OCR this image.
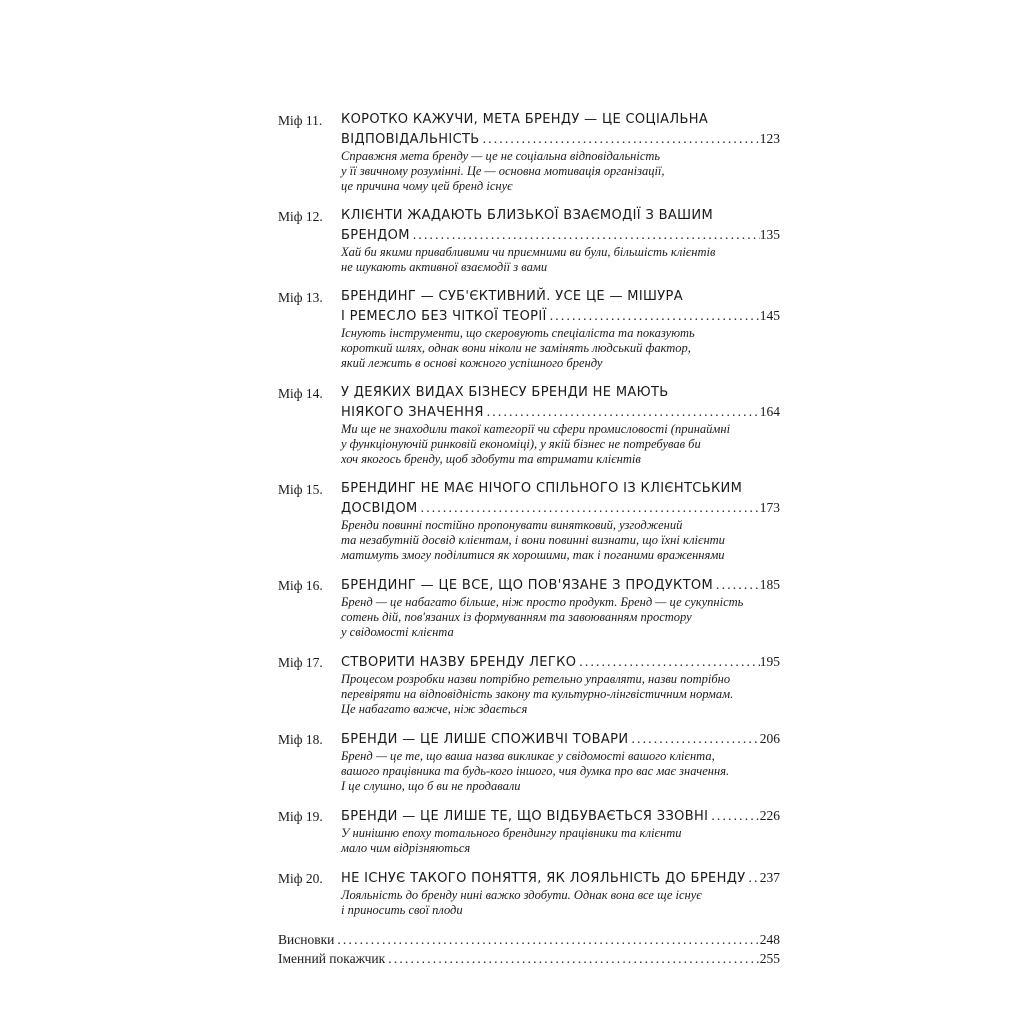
Міф 11.	КОРОТКО КАЖУЧИ, МЕТА БРЕНДУ — ЦЕ СОЦІАЛЬНА
ВІДПОВІДАЛЬНІСТЬ .....	123
Справжня мета бренду — це не соціальна відповідальність
у її звичному розумінні. Це — основна мотивація організації,
це причина чому цей бренд існує
Міф 12.	КЛІЄНТИ ЖАДАЮТЬ БЛИЗЬКОЇ ВЗАЄМОДІЇ З ВАШИМ
БРЕНДОМ .....	135
Хай би якими привабливими чи приємними ви були, більшість клієнтів
не шукають активної взаємодії з вами
Міф 13.	БРЕНДИНГ — СУБ'ЄКТИВНИЙ. УСЕ ЦЕ — МІШУРА
І РЕМЕСЛО БЕЗ ЧІТКОЇ ТЕОРІЇ .....	145
Існують інструменти, що скеровують спеціаліста та показують
короткий шлях, однак вони ніколи не замінять людський фактор,
який лежить в основі кожного успішного бренду
Міф 14.	У ДЕЯКИХ ВИДАХ БІЗНЕСУ БРЕНДИ НЕ МАЮТЬ
НІЯКОГО ЗНАЧЕННЯ .....	164
Ми ще не знаходили такої категорії чи сфери промисловості (принаймні
у функціонуючій ринковій економіці), у якій бізнес не потребував би
хоч якогось бренду, щоб здобути та втримати клієнтів
Міф 15.	БРЕНДИНГ НЕ МАЄ НІЧОГО СПІЛЬНОГО ІЗ КЛІЄНТСЬКИМ
ДОСВІДОМ .....	173
Бренди повинні постійно пропонувати винятковий, узгоджений
та незабутній досвід клієнтам, і вони повинні визнати, що їхні клієнти
матимуть змогу поділитися як хорошими, так і поганими враженнями
Міф 16.	БРЕНДИНГ — ЦЕ ВСЕ, ЩО ПОВ'ЯЗАНЕ З ПРОДУКТОМ .....	185
Бренд — це набагато більше, ніж просто продукт. Бренд — це сукупність
сотень дій, пов'язаних із формуванням та завоюванням простору
у свідомості клієнта
Міф 17.	СТВОРИТИ НАЗВУ БРЕНДУ ЛЕГКО .....	195
Процесом розробки назви потрібно ретельно управляти, назви потрібно
перевіряти на відповідність закону та культурно-лінгвістичним нормам.
Це набагато важче, ніж здається
Міф 18.	БРЕНДИ — ЦЕ ЛИШЕ СПОЖИВЧІ ТОВАРИ .....	206
Бренд — це те, що ваша назва викликає у свідомості вашого клієнта,
вашого працівника та будь-кого іншого, чия думка про вас має значення.
І це слушно, що б ви не продавали
Міф 19.	БРЕНДИ — ЦЕ ЛИШЕ ТЕ, ЩО ВІДБУВАЄТЬСЯ ЗЗОВНІ .....	226
У нинішню епоху тотального брендингу працівники та клієнти
мало чим відрізняються
Міф 20.	НЕ ІСНУЄ ТАКОГО ПОНЯТТЯ, ЯК ЛОЯЛЬНІСТЬ ДО БРЕНДУ ..... 237
Лояльність до бренду нині важко здобути. Однак вона все ще існує
і приносить свої плоди
Висновки .....	248
Іменний покажчик .....	255
